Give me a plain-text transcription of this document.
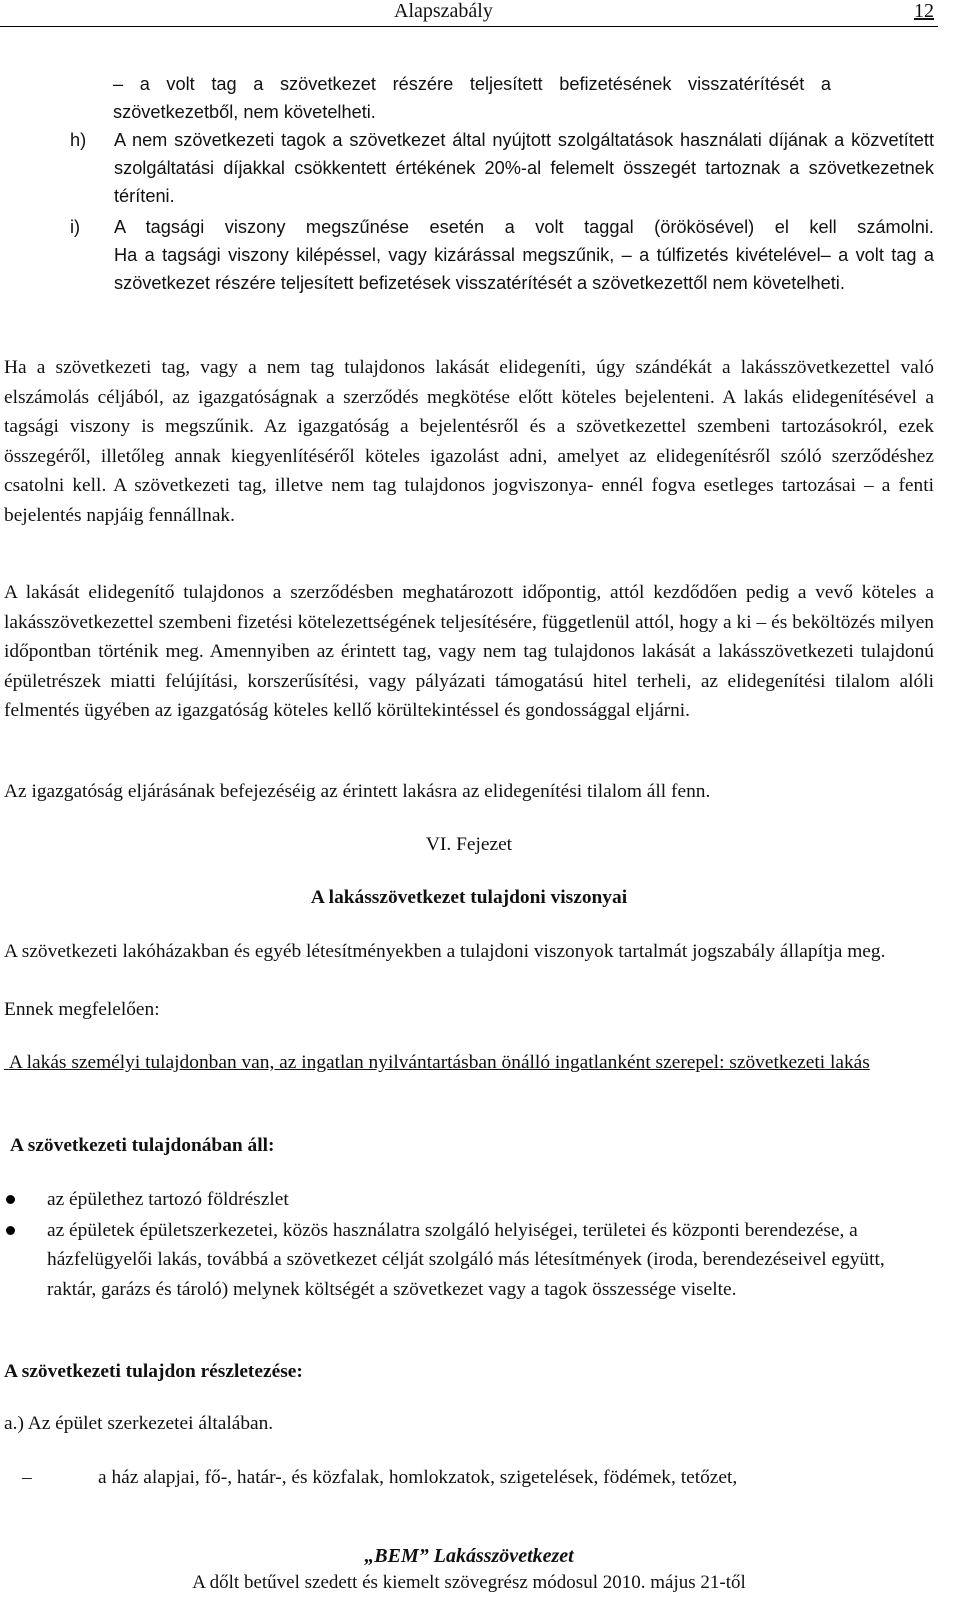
Alapszabály	12
– a volt tag a szövetkezet részére teljesített befizetésének visszatérítését a szövetkezetből, nem követelheti.
h) A nem szövetkezeti tagok a szövetkezet által nyújtott szolgáltatások használati díjának a közvetített szolgáltatási díjakkal csökkentett értékének 20%-al felemelt összegét tartoznak a szövetkezetnek téríteni.
i) A tagsági viszony megszűnése esetén a volt taggal (örökösével) el kell számolni.
Ha a tagsági viszony kilépéssel, vagy kizárással megszűnik, – a túlfizetés kivételével– a volt tag a szövetkezet részére teljesített befizetések visszatérítését a szövetkezettől nem követelheti.
Ha a szövetkezeti tag, vagy a nem tag tulajdonos lakását elidegeníti, úgy szándékát a lakásszövetkezettel való elszámolás céljából, az igazgatóságnak a szerződés megkötése előtt köteles bejelenteni. A lakás elidegenítésével a tagsági viszony is megszűnik. Az igazgatóság a bejelentésről és a szövetkezettel szembeni tartozásokról, ezek összegéről, illetőleg annak kiegyenlítéséről köteles igazolást adni, amelyet az elidegenítésről szóló szerződéshez csatolni kell. A szövetkezeti tag, illetve nem tag tulajdonos jogviszonya- ennél fogva esetleges tartozásai – a fenti bejelentés napjáig fennállnak.
A lakását elidegenítő tulajdonos a szerződésben meghatározott időpontig, attól kezdődően pedig a vevő köteles a lakásszövetkezettel szembeni fizetési kötelezettségének teljesítésére, függetlenül attól, hogy a ki – és beköltözés milyen időpontban történik meg. Amennyiben az érintett tag, vagy nem tag tulajdonos lakását a lakásszövetkezeti tulajdonú épületrészek miatti felújítási, korszerűsítési, vagy pályázati támogatású hitel terheli, az elidegenítési tilalom alóli felmentés ügyében az igazgatóság köteles kellő körültekintéssel és gondossággal eljárni.
Az igazgatóság eljárásának befejezéséig az érintett lakásra az elidegenítési tilalom áll fenn.
VI. Fejezet
A lakásszövetkezet tulajdoni viszonyai
A szövetkezeti lakóházakban és egyéb létesítményekben a tulajdoni viszonyok tartalmát jogszabály állapítja meg.
Ennek megfelelően:
A lakás személyi tulajdonban van, az ingatlan nyilvántartásban önálló ingatlanként szerepel: szövetkezeti lakás
A szövetkezeti tulajdonában áll:
az épülethez tartozó földrészlet
az épületek épületszerkezetei, közös használatra szolgáló helyiségei, területei és központi berendezése, a házfelügyelői lakás, továbbá a szövetkezet célját szolgáló más létesítmények (iroda, berendezéseivel együtt, raktár, garázs és tároló) melynek költségét a szövetkezet vagy a tagok összessége viselte.
A szövetkezeti tulajdon részletezése:
a.) Az épület szerkezetei általában.
–	a ház alapjai, fő-, határ-, és közfalak, homlokzatok, szigetelések, födémek, tetőzet,
„BEM” Lakásszövetkezet
A dőlt betűvel szedett és kiemelt szövegrész módosul 2010. május 21-től
